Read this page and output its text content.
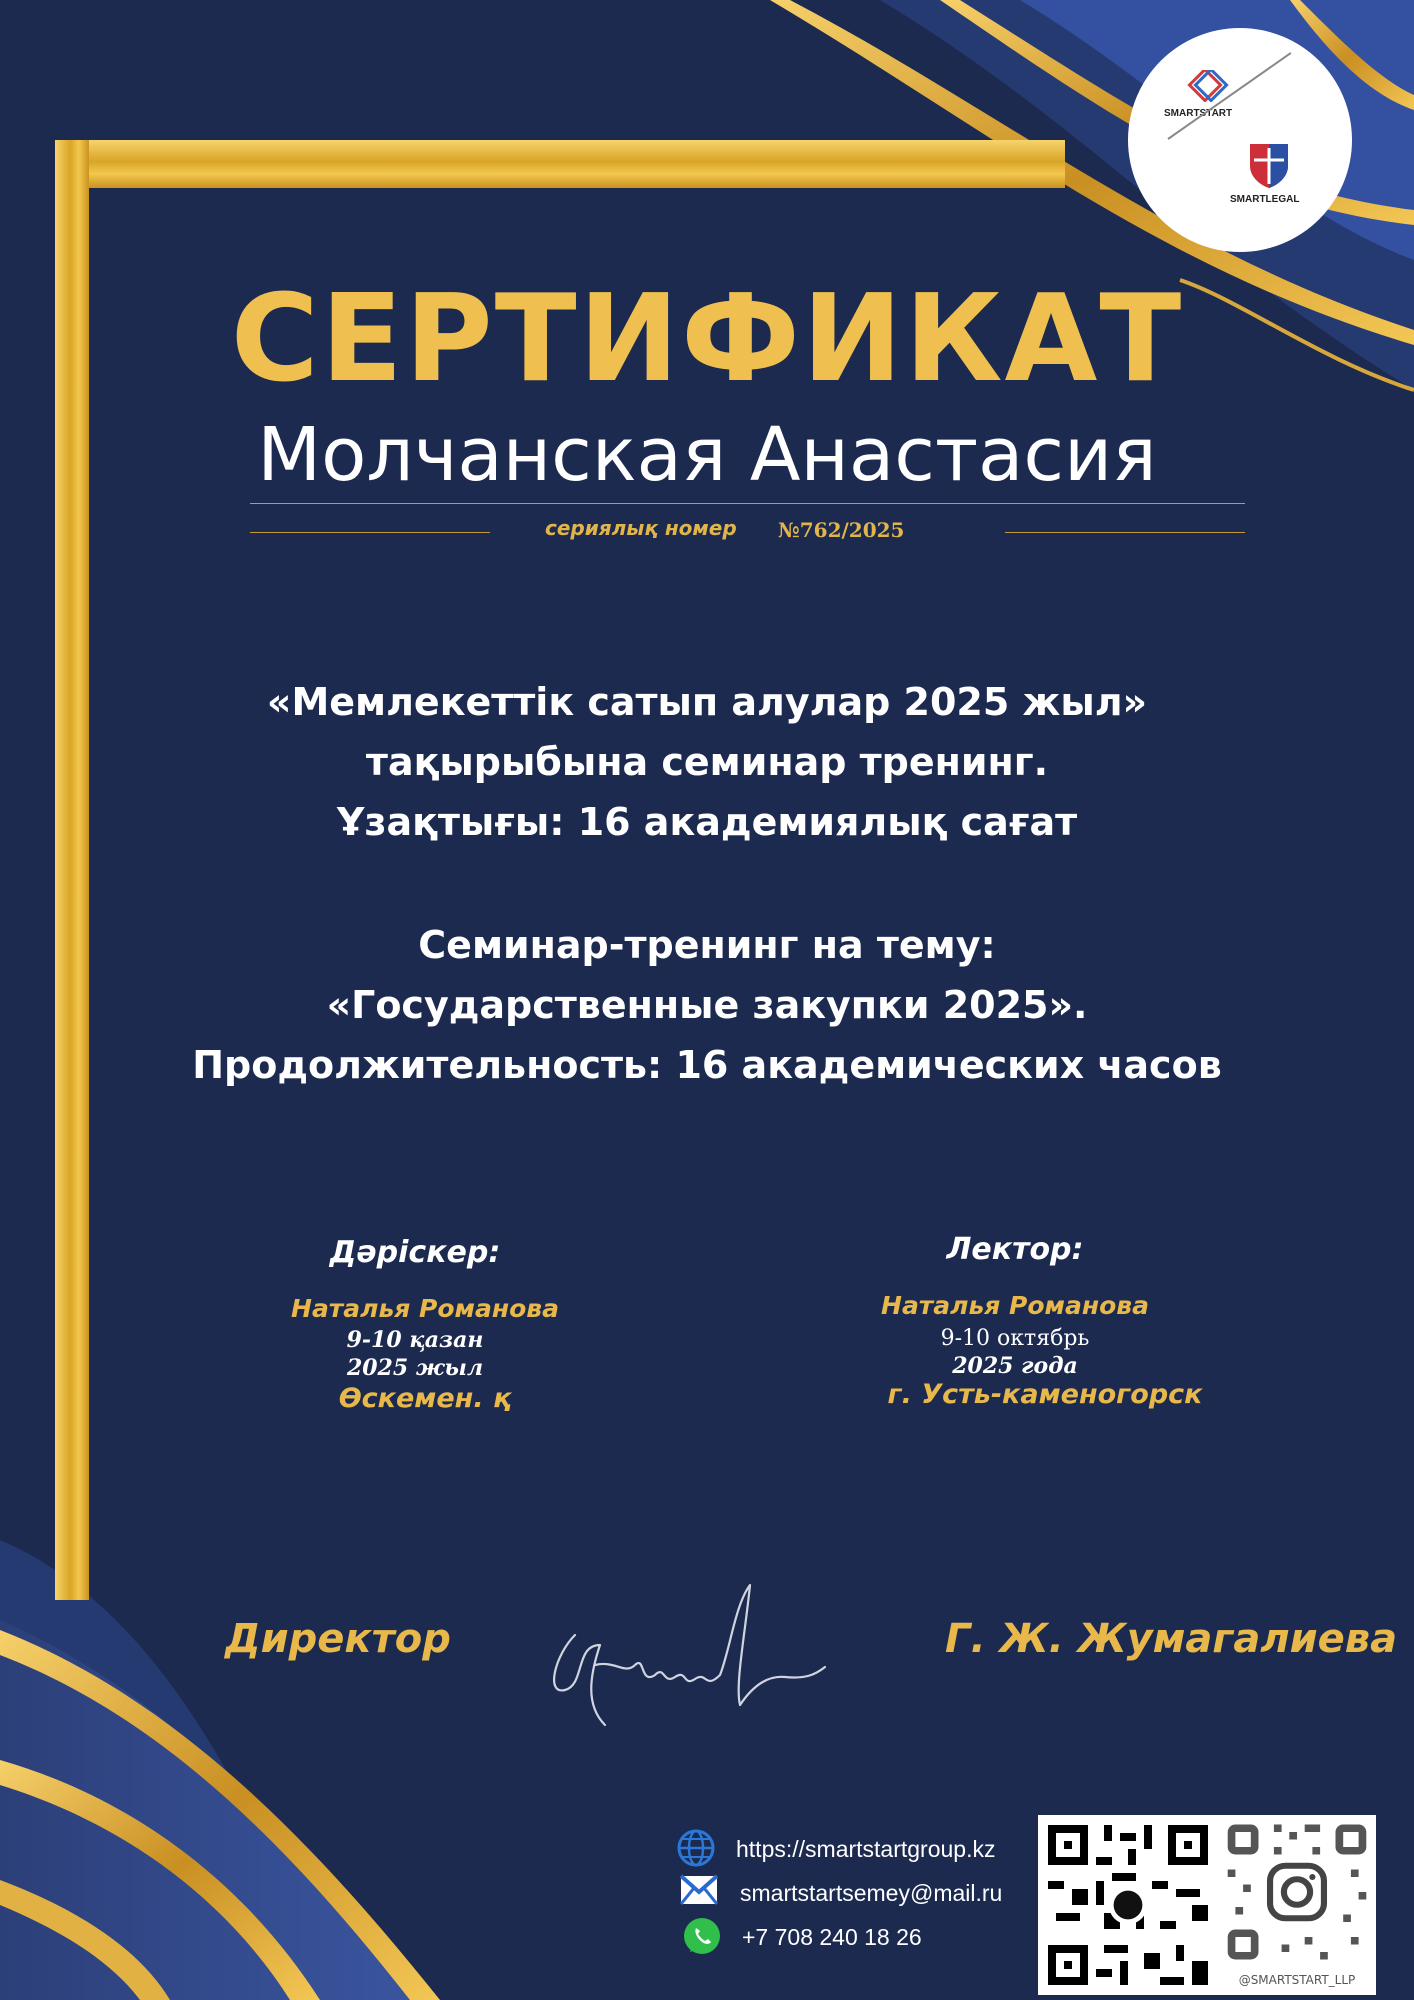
SMARTSTART
SMARTLEGAL
СЕРТИФИКАТ
Молчанская Анастасия
сериялық номер №762/2025
«Мемлекеттік сатып алулар 2025 жыл»
тақырыбына семинар тренинг.
Ұзақтығы: 16 академиялық сағат
Семинар-тренинг на тему:
«Государственные закупки 2025».
Продолжительность: 16 академических часов
Дәріскер:
Наталья Романова
9-10 қазан
2025 жыл
Өскемен. қ
Лектор:
Наталья Романова
9-10 октябрь
2025 года
г. Усть-каменогорск
Директор	Г. Ж. Жумагалиева
https://smartstartgroup.kz
smartstartsemey@mail.ru
+7 708 240 18 26
@SMARTSTART_LLP
